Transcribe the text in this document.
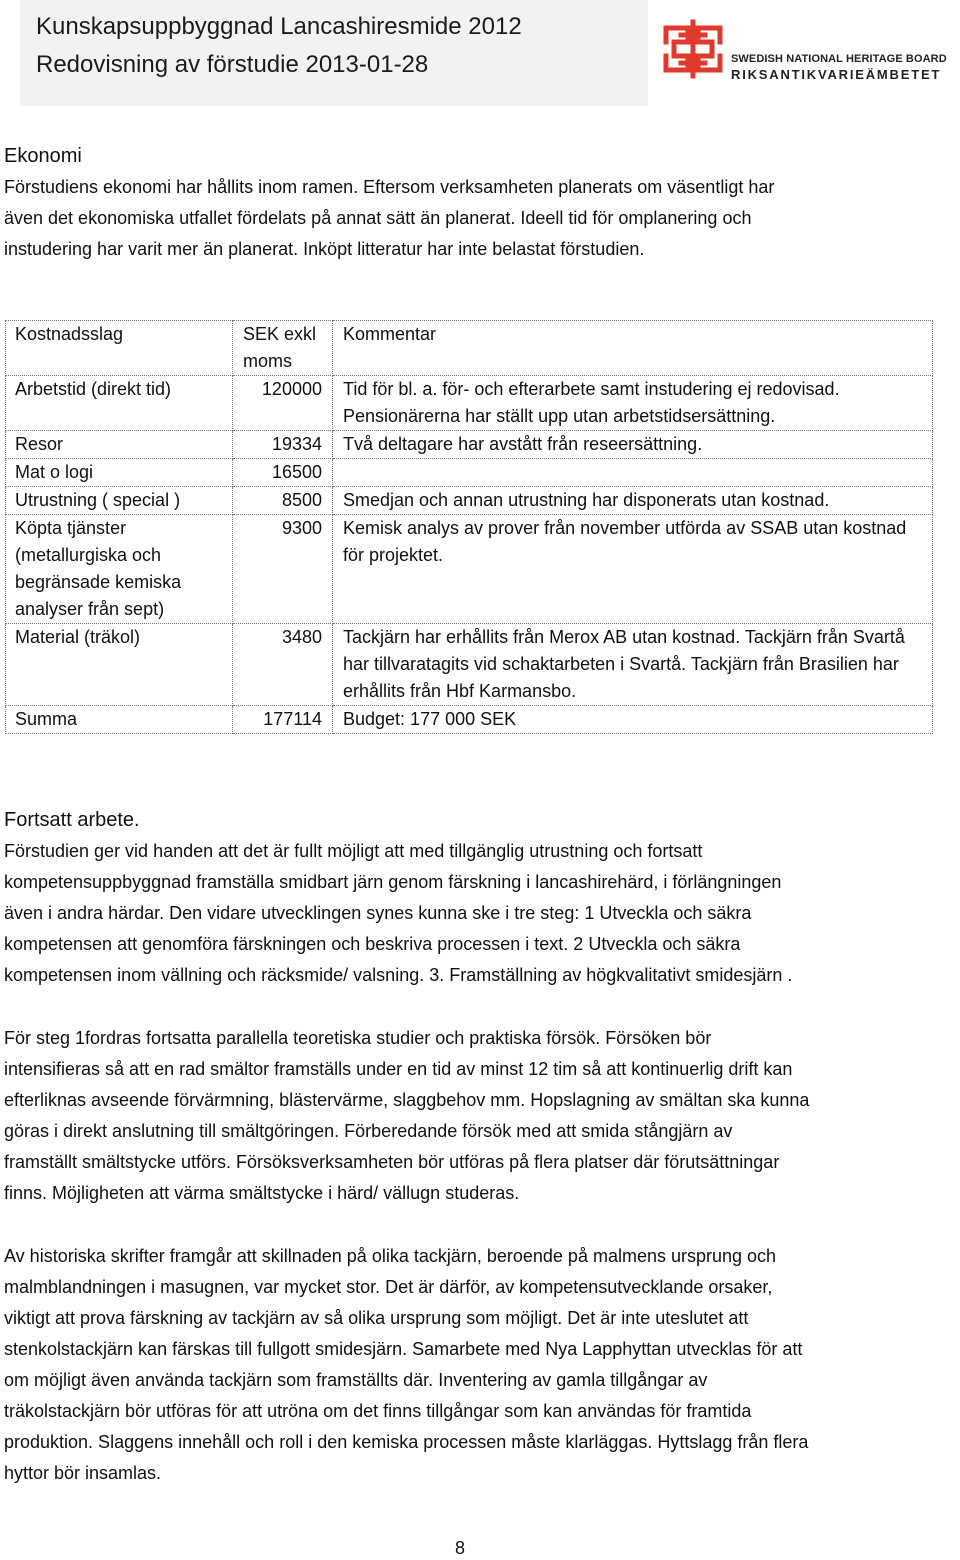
Kunskapsuppbyggnad Lancashiresmide 2012
Redovisning av förstudie 2013-01-28	SWEDISH NATIONAL HERITAGE BOARD
RIKSANTIKVARIEÄMBETET

Ekonomi

Förstudiens ekonomi har hållits inom ramen. Eftersom verksamheten planerats om väsentligt har

även det ekonomiska utfallet fördelats på annat sätt än planerat. Ideell tid för omplanering och

instudering har varit mer än planerat. Inköpt litteratur har inte belastat förstudien.

Kostnadsslag	SEK exkl moms	Kommentar
Arbetstid (direkt tid)	120000	Tid för bl. a. för- och efterarbete samt instudering ej redovisad. Pensionärerna har ställt upp utan arbetstidsersättning.
Resor	19334	Två deltagare har avstått från reseersättning.
Mat o logi	16500	
Utrustning ( special )	8500	Smedjan och annan utrustning har disponerats utan kostnad.
Köpta tjänster (metallurgiska och begränsade kemiska analyser från sept)	9300	Kemisk analys av prover från november utförda av SSAB utan kostnad för projektet.
Material (träkol)	3480	Tackjärn har erhållits från Merox AB utan kostnad. Tackjärn från Svartå har tillvaratagits vid schaktarbeten i Svartå. Tackjärn från Brasilien har erhållits från Hbf Karmansbo.
Summa	177114	Budget: 177 000 SEK

Fortsatt arbete.

Förstudien ger vid handen att det är fullt möjligt att med tillgänglig utrustning och fortsatt

kompetensuppbyggnad framställa smidbart järn genom färskning i lancashirehärd, i förlängningen

även i andra härdar. Den vidare utvecklingen synes kunna ske i tre steg: 1 Utveckla och säkra

kompetensen att genomföra färskningen och beskriva processen i text. 2 Utveckla och säkra

kompetensen inom vällning och räcksmide/ valsning. 3. Framställning av högkvalitativt smidesjärn .

För steg 1fordras fortsatta parallella teoretiska studier och praktiska försök. Försöken bör

intensifieras så att en rad smältor framställs under en tid av minst 12 tim så att kontinuerlig drift kan

efterliknas avseende förvärmning, blästervärme, slaggbehov mm. Hopslagning av smältan ska kunna

göras i direkt anslutning till smältgöringen. Förberedande försök med att smida stångjärn av

framställt smältstycke utförs. Försöksverksamheten bör utföras på flera platser där förutsättningar

finns. Möjligheten att värma smältstycke i härd/ vällugn studeras.

Av historiska skrifter framgår att skillnaden på olika tackjärn, beroende på malmens ursprung och

malmblandningen i masugnen, var mycket stor. Det är därför, av kompetensutvecklande orsaker,

viktigt att prova färskning av tackjärn av så olika ursprung som möjligt. Det är inte uteslutet att

stenkolstackjärn kan färskas till fullgott smidesjärn. Samarbete med Nya Lapphyttan utvecklas för att

om möjligt även använda tackjärn som framställts där. Inventering av gamla tillgångar av

träkolstackjärn bör utföras för att utröna om det finns tillgångar som kan användas för framtida

produktion. Slaggens innehåll och roll i den kemiska processen måste klarläggas. Hyttslagg från flera

hyttor bör insamlas.

8
